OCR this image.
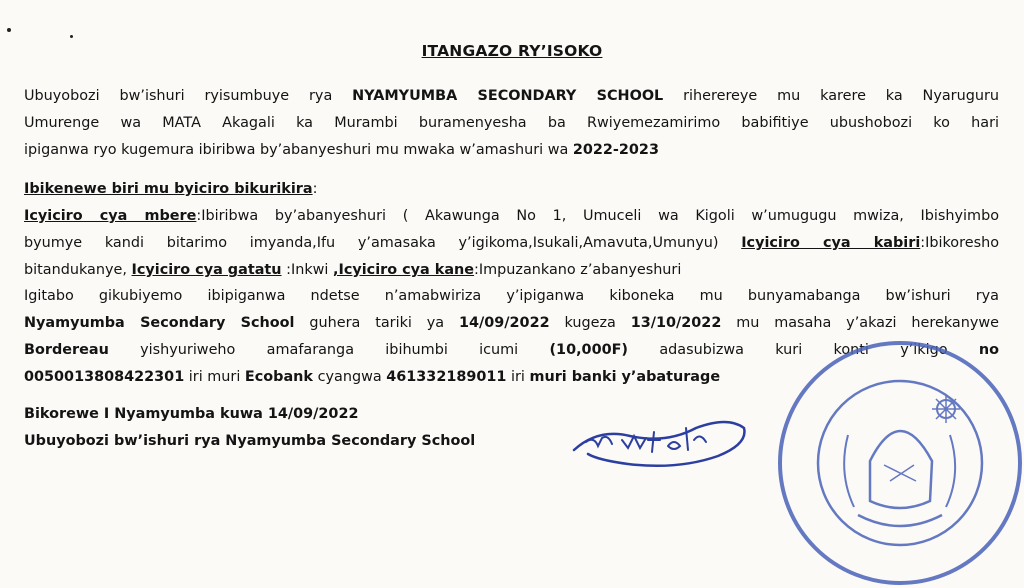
ITANGAZO RY’ISOKO
Ubuyobozi bw’ishuri ryisumbuye rya NYAMYUMBA SECONDARY SCHOOL riherereye mu karere ka Nyaruguru
Umurenge wa MATA Akagali ka Murambi buramenyesha ba Rwiyemezamirimo babifitiye ubushobozi ko hari
ipiganwa ryo kugemura ibiribwa by’abanyeshuri mu mwaka w’amashuri wa 2022-2023
Ibikenewe biri mu byiciro bikurikira:
Icyiciro cya mbere:Ibiribwa by’abanyeshuri ( Akawunga No 1, Umuceli wa Kigoli w’umugugu mwiza, Ibishyimbo
byumye kandi bitarimo imyanda,Ifu y’amasaka y’igikoma,Isukali,Amavuta,Umunyu) Icyiciro cya kabiri:Ibikoresho
bitandukanye, Icyiciro cya gatatu :Inkwi ,Icyiciro cya kane:Impuzankano z’abanyeshuri
Igitabo gikubiyemo ibipiganwa ndetse n’amabwiriza y’ipiganwa kiboneka mu bunyamabanga bw’ishuri rya
Nyamyumba Secondary School guhera tariki ya 14/09/2022 kugeza 13/10/2022 mu masaha y’akazi herekanywe
Bordereau yishyuriweho amafaranga ibihumbi icumi (10,000F) adasubizwa kuri konti y’ikigo no
0050013808422301 iri muri Ecobank cyangwa 461332189011 iri muri banki y’abaturage
Bikorewe I Nyamyumba kuwa 14/09/2022
Ubuyobozi bw’ishuri rya Nyamyumba Secondary School
